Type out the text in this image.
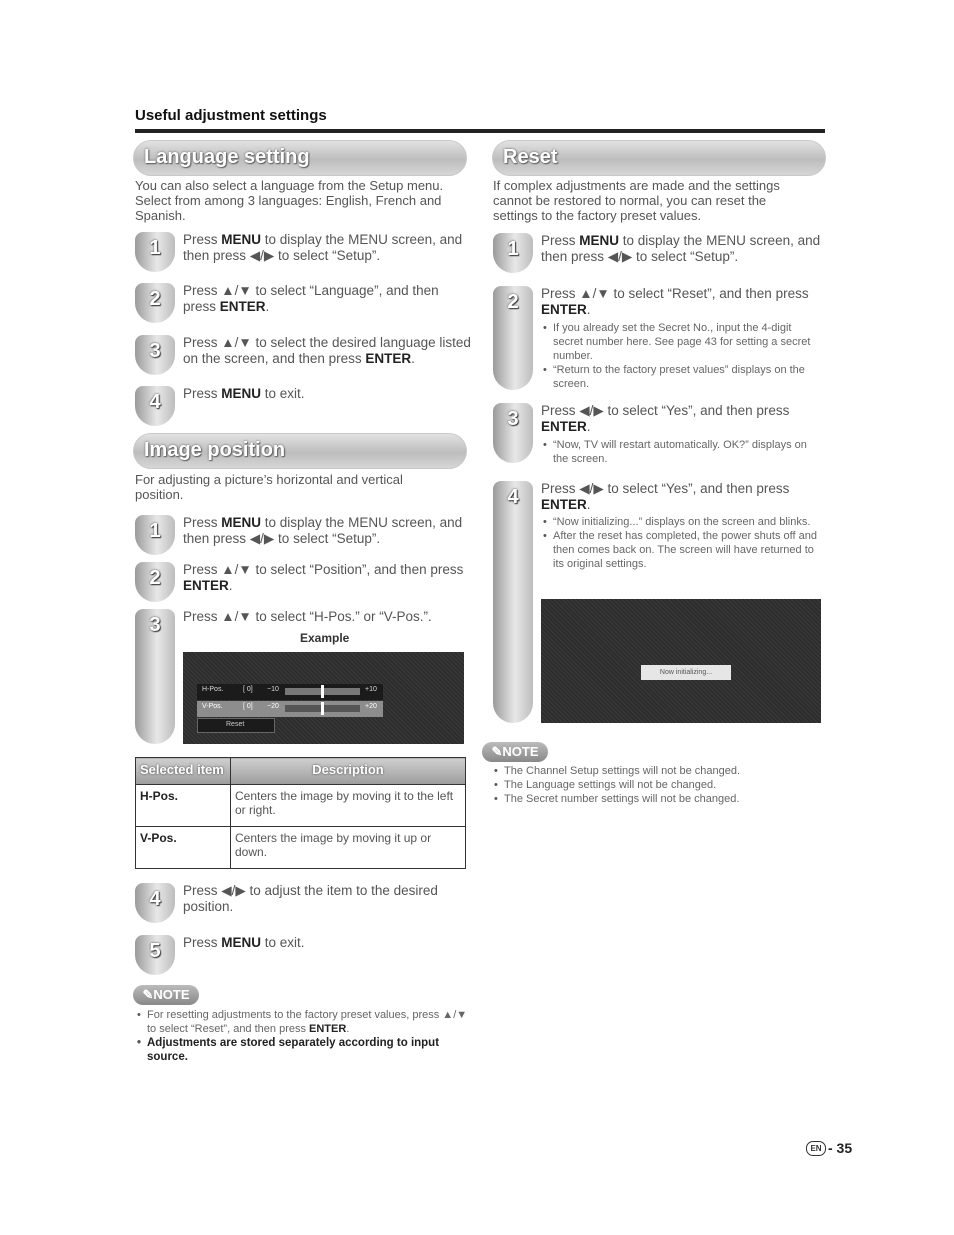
Useful adjustment settings
Language setting
You can also select a language from the Setup menu. Select from among 3 languages: English, French and Spanish.
1	Press MENU to display the MENU screen, and then press ◀/▶ to select “Setup”.
2	Press ▲/▼ to select “Language”, and then press ENTER.
3	Press ▲/▼ to select the desired language listed on the screen, and then press ENTER.
4	Press MENU to exit.
Image position
For adjusting a picture’s horizontal and vertical position.
1	Press MENU to display the MENU screen, and then press ◀/▶ to select “Setup”.
2	Press ▲/▼ to select “Position”, and then press ENTER.
3	Press ▲/▼ to select “H-Pos.” or “V-Pos.”.
Example
H-Pos.	[ 0] −10	+10
V-Pos.	[ 0] −20	+20
Reset
Selected item	Description
H-Pos.	Centers the image by moving it to the left or right.
V-Pos.	Centers the image by moving it up or down.
4	Press ◀/▶ to adjust the item to the desired position.
5	Press MENU to exit.
✎NOTE
• For resetting adjustments to the factory preset values, press ▲/▼ to select “Reset”, and then press ENTER.
• Adjustments are stored separately according to input source.
Reset
If complex adjustments are made and the settings cannot be restored to normal, you can reset the settings to the factory preset values.
1	Press MENU to display the MENU screen, and then press ◀/▶ to select “Setup”.
2	Press ▲/▼ to select “Reset”, and then press ENTER.
• If you already set the Secret No., input the 4-digit secret number here. See page 43 for setting a secret number.
• “Return to the factory preset values” displays on the screen.
3	Press ◀/▶ to select “Yes”, and then press ENTER.
• “Now, TV will restart automatically. OK?” displays on the screen.
4	Press ◀/▶ to select “Yes”, and then press ENTER.
• “Now initializing...” displays on the screen and blinks.
• After the reset has completed, the power shuts off and then comes back on. The screen will have returned to its original settings.
Now initializing...
✎NOTE
• The Channel Setup settings will not be changed.
• The Language settings will not be changed.
• The Secret number settings will not be changed.
EN - 35
